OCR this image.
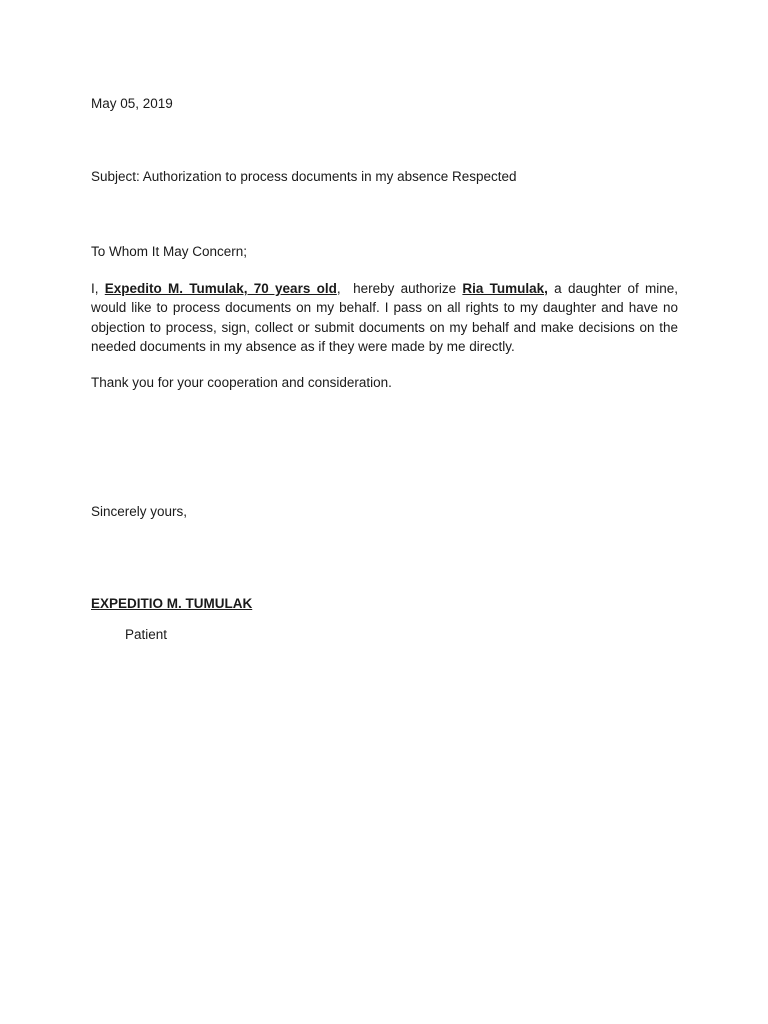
May 05, 2019
Subject: Authorization to process documents in my absence Respected
To Whom It May Concern;
I, Expedito M. Tumulak, 70 years old,  hereby authorize Ria Tumulak, a daughter of mine, would like to process documents on my behalf. I pass on all rights to my daughter and have no objection to process, sign, collect or submit documents on my behalf and make decisions on the needed documents in my absence as if they were made by me directly.
Thank you for your cooperation and consideration.
Sincerely yours,
EXPEDITIO M. TUMULAK
Patient
